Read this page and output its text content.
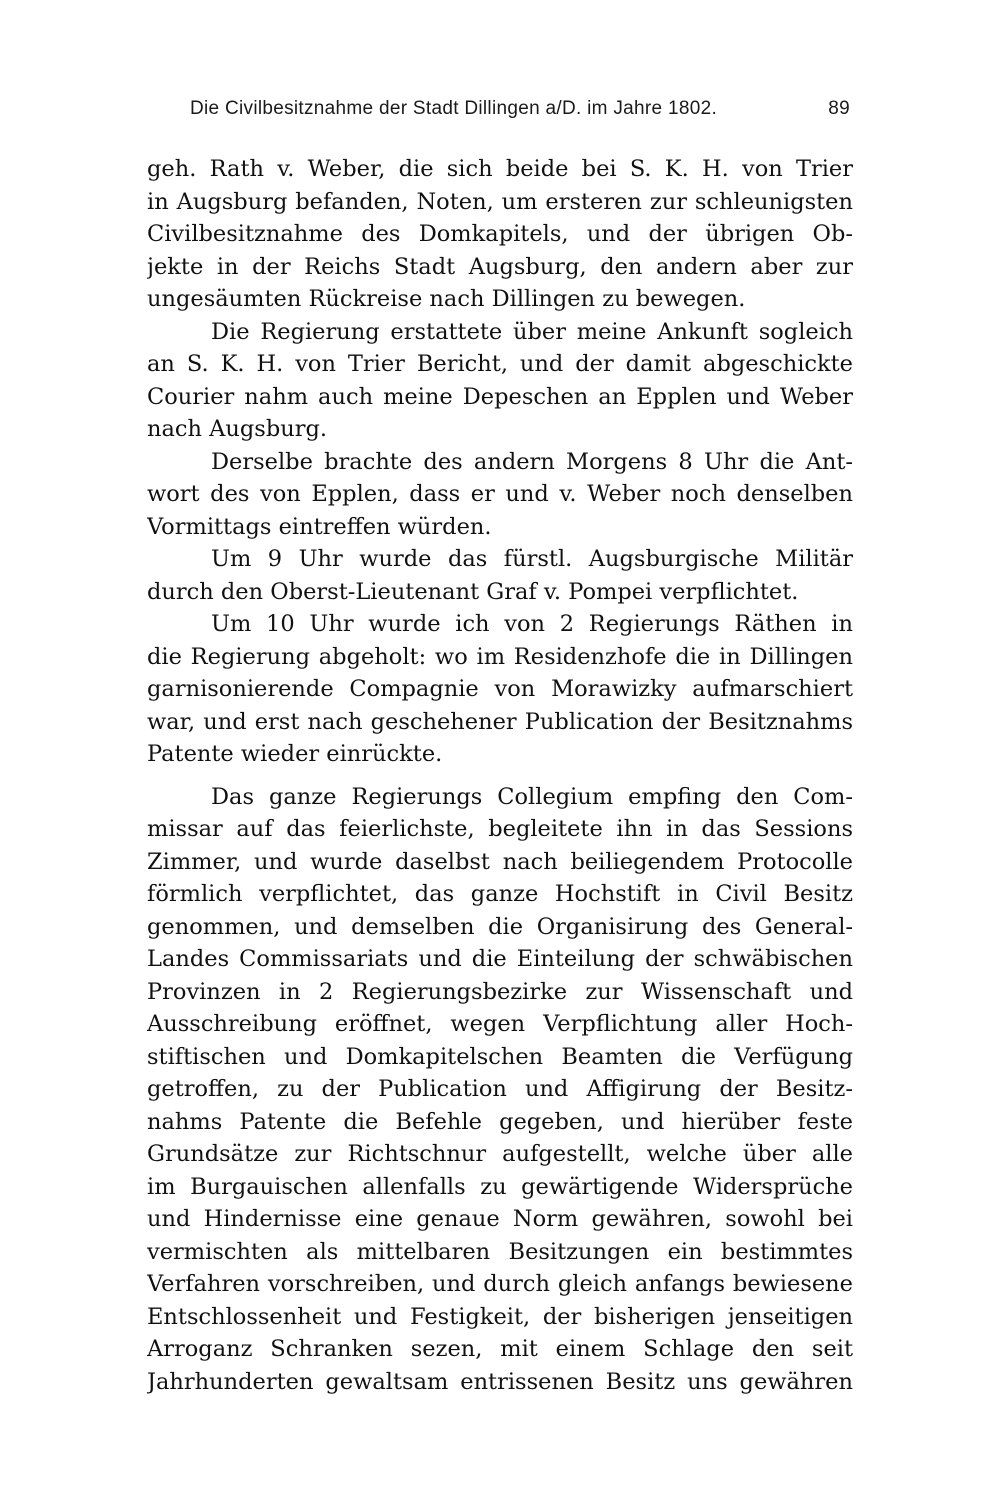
Die Civilbesitznahme der Stadt Dillingen a/D. im Jahre 1802.	89
geh. Rath v. Weber, die sich beide bei S. K. H. von Trier
in Augsburg befanden, Noten, um ersteren zur schleunigsten
Civilbesitznahme des Domkapitels, und der übrigen Ob-
jekte in der Reichs Stadt Augsburg, den andern aber zur
ungesäumten Rückreise nach Dillingen zu bewegen.
Die Regierung erstattete über meine Ankunft sogleich
an S. K. H. von Trier Bericht, und der damit abgeschickte
Courier nahm auch meine Depeschen an Epplen und Weber
nach Augsburg.
Derselbe brachte des andern Morgens 8 Uhr die Ant-
wort des von Epplen, dass er und v. Weber noch denselben
Vormittags eintreffen würden.
Um 9 Uhr wurde das fürstl. Augsburgische Militär
durch den Oberst-Lieutenant Graf v. Pompei verpflichtet.
Um 10 Uhr wurde ich von 2 Regierungs Räthen in
die Regierung abgeholt: wo im Residenzhofe die in Dillingen
garnisonierende Compagnie von Morawizky aufmarschiert
war, und erst nach geschehener Publication der Besitznahms
Patente wieder einrückte.
Das ganze Regierungs Collegium empfing den Com-
missar auf das feierlichste, begleitete ihn in das Sessions
Zimmer, und wurde daselbst nach beiliegendem Protocolle
förmlich verpflichtet, das ganze Hochstift in Civil Besitz
genommen, und demselben die Organisirung des General-
Landes Commissariats und die Einteilung der schwäbischen
Provinzen in 2 Regierungsbezirke zur Wissenschaft und
Ausschreibung eröffnet, wegen Verpflichtung aller Hoch-
stiftischen und Domkapitelschen Beamten die Verfügung
getroffen, zu der Publication und Affigirung der Besitz-
nahms Patente die Befehle gegeben, und hierüber feste
Grundsätze zur Richtschnur aufgestellt, welche über alle
im Burgauischen allenfalls zu gewärtigende Widersprüche
und Hindernisse eine genaue Norm gewähren, sowohl bei
vermischten als mittelbaren Besitzungen ein bestimmtes
Verfahren vorschreiben, und durch gleich anfangs bewiesene
Entschlossenheit und Festigkeit, der bisherigen jenseitigen
Arroganz Schranken sezen, mit einem Schlage den seit
Jahrhunderten gewaltsam entrissenen Besitz uns gewähren
